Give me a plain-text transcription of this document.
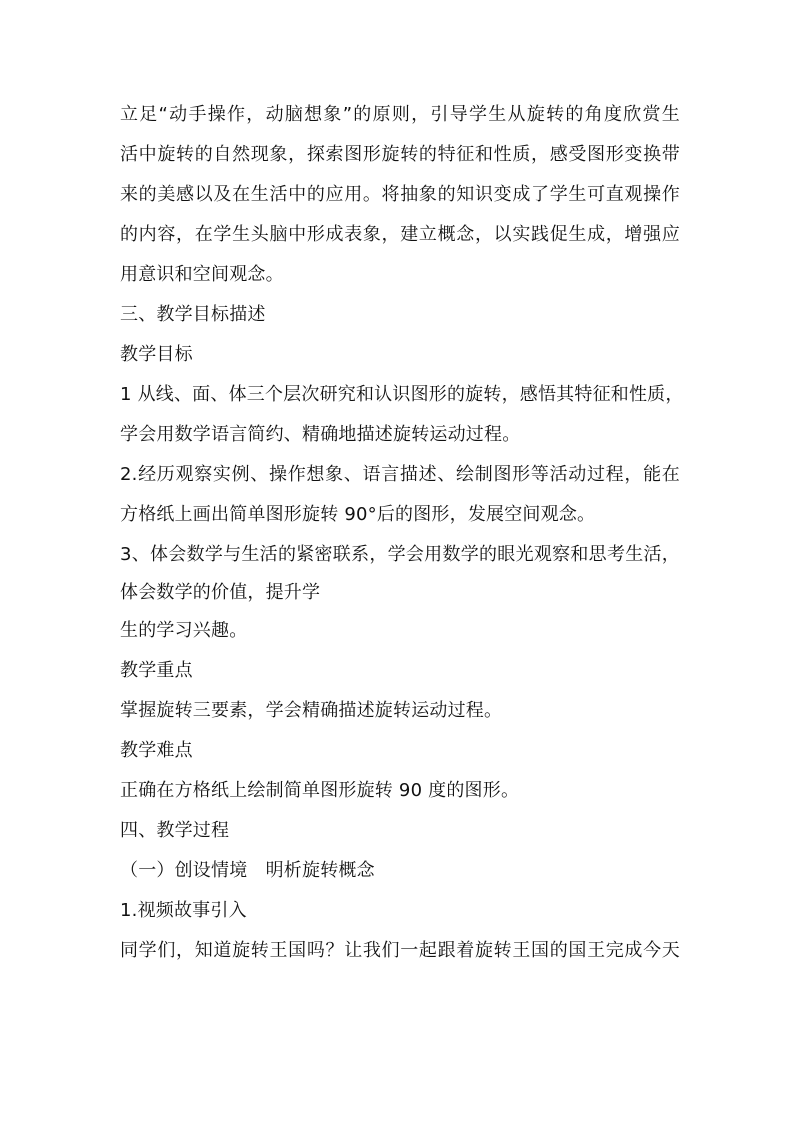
立足“动手操作，动脑想象”的原则，引导学生从旋转的角度欣赏生
活中旋转的自然现象，探索图形旋转的特征和性质，感受图形变换带
来的美感以及在生活中的应用。将抽象的知识变成了学生可直观操作
的内容，在学生头脑中形成表象，建立概念，以实践促生成，增强应
用意识和空间观念。
三、教学目标描述
教学目标
1 从线、面、体三个层次研究和认识图形的旋转，感悟其特征和性质，
学会用数学语言简约、精确地描述旋转运动过程。
2.经历观察实例、操作想象、语言描述、绘制图形等活动过程，能在
方格纸上画出简单图形旋转 90°后的图形，发展空间观念。
3、体会数学与生活的紧密联系，学会用数学的眼光观察和思考生活，
体会数学的价值，提升学
生的学习兴趣。
教学重点
掌握旋转三要素，学会精确描述旋转运动过程。
教学难点
正确在方格纸上绘制简单图形旋转 90 度的图形。
四、教学过程
（一）创设情境　明析旋转概念
1.视频故事引入
同学们，知道旋转王国吗？让我们一起跟着旋转王国的国王完成今天
